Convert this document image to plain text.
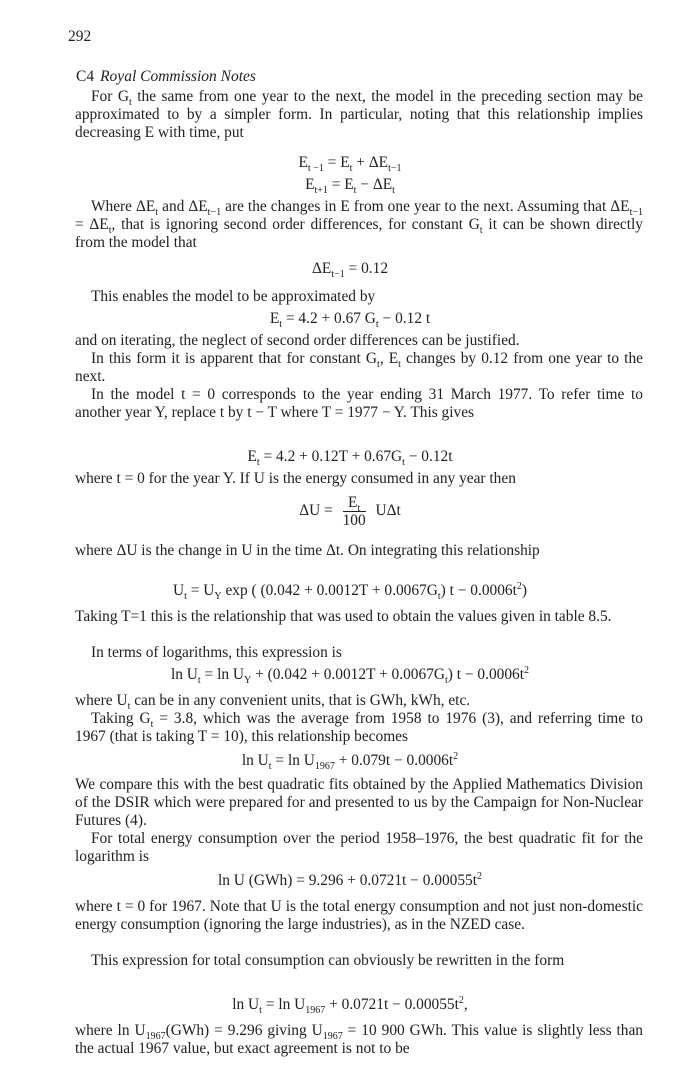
292
C4 Royal Commission Notes
For $G_t$ the same from one year to the next, the model in the preceding section may be approximated to by a simpler form. In particular, noting that this relationship implies decreasing E with time, put
$E_{t -1} = E_t + \Delta E_{t-1}$
$E_{t+1} = E_t - \Delta E_t$
Where $\Delta E_t$ and $\Delta E_{t-1}$ are the changes in E from one year to the next. Assuming that $\Delta E_{t-1} = \Delta E_t$, that is ignoring second order differences, for constant $G_t$ it can be shown directly from the model that
$\Delta E_{t-1} = 0.12$
This enables the model to be approximated by
$E_t = 4.2 + 0.67$ $G_t - 0.12$ t
and on iterating, the neglect of second order differences can be justified.
In this form it is apparent that for constant $G_t$, $E_t$ changes by 0.12 from one year to the next.
In the model t = 0 corresponds to the year ending 31 March 1977. To refer time to another year Y, replace t by t − T where T = 1977 − Y. This gives
$E_t = 4.2 + 0.12T + 0.67G_t - 0.12t$
where t = 0 for the year Y. If U is the energy consumed in any year then
$\Delta U = \frac{E_t}{100}$ UΔt
where ΔU is the change in U in the time Δt. On integrating this relationship
$U_t = U_Y$ exp ( $(0.042 + 0.0012T + 0.0067G_t)$ $t - 0.0006t^2$)
Taking T=1 this is the relationship that was used to obtain the values given in table 8.5.
In terms of logarithms, this expression is
$\ln U_t = \ln U_Y + (0.042 + 0.0012T + 0.0067G_t) t - 0.0006t^2$
where $U_t$ can be in any convenient units, that is GWh, kWh, etc.
Taking $G_t = 3.8$, which was the average from 1958 to 1976 (3), and referring time to 1967 (that is taking T = 10), this relationship becomes
$\ln U_t = \ln U_{1967} + 0.079t - 0.0006t^2$
We compare this with the best quadratic fits obtained by the Applied Mathematics Division of the DSIR which were prepared for and presented to us by the Campaign for Non-Nuclear Futures (4).
For total energy consumption over the period 1958–1976, the best quadratic fit for the logarithm is
ln U $(GWh) = 9.296 + 0.0721t - 0.00055t^2$
where t = 0 for 1967. Note that U is the total energy consumption and not just non-domestic energy consumption (ignoring the large industries), as in the NZED case.
This expression for total consumption can obviously be rewritten in the form
$\ln U_t = \ln U_{1967} + 0.0721t - 0.00055t^2$,
where $\ln U_{1967}(GWh) = 9.296$ giving $U_{1967} = 10$ 900 GWh. This value is slightly less than the actual 1967 value, but exact agreement is not to be
